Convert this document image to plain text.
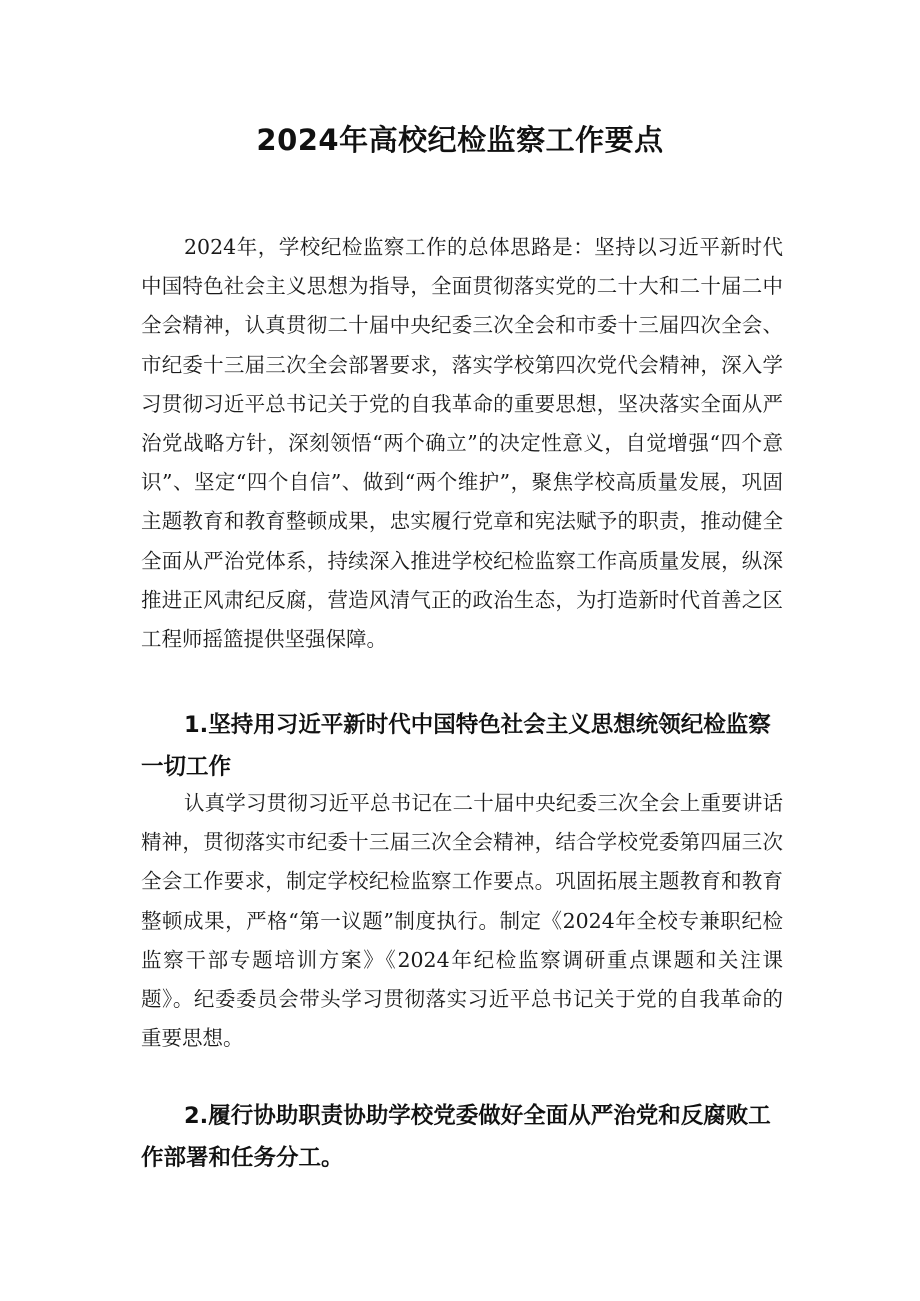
2024年高校纪检监察工作要点

2024年，学校纪检监察工作的总体思路是：坚持以习近平新时代中国特色社会主义思想为指导，全面贯彻落实党的二十大和二十届二中全会精神，认真贯彻二十届中央纪委三次全会和市委十三届四次全会、市纪委十三届三次全会部署要求，落实学校第四次党代会精神，深入学习贯彻习近平总书记关于党的自我革命的重要思想，坚决落实全面从严治党战略方针，深刻领悟“两个确立”的决定性意义，自觉增强“四个意识”、坚定“四个自信”、做到“两个维护”，聚焦学校高质量发展，巩固主题教育和教育整顿成果，忠实履行党章和宪法赋予的职责，推动健全全面从严治党体系，持续深入推进学校纪检监察工作高质量发展，纵深推进正风肃纪反腐，营造风清气正的政治生态，为打造新时代首善之区工程师摇篮提供坚强保障。

1.坚持用习近平新时代中国特色社会主义思想统领纪检监察一切工作

认真学习贯彻习近平总书记在二十届中央纪委三次全会上重要讲话精神，贯彻落实市纪委十三届三次全会精神，结合学校党委第四届三次全会工作要求，制定学校纪检监察工作要点。巩固拓展主题教育和教育整顿成果，严格“第一议题”制度执行。制定《2024年全校专兼职纪检监察干部专题培训方案》《2024年纪检监察调研重点课题和关注课题》。纪委委员会带头学习贯彻落实习近平总书记关于党的自我革命的重要思想。

2.履行协助职责协助学校党委做好全面从严治党和反腐败工作部署和任务分工。
